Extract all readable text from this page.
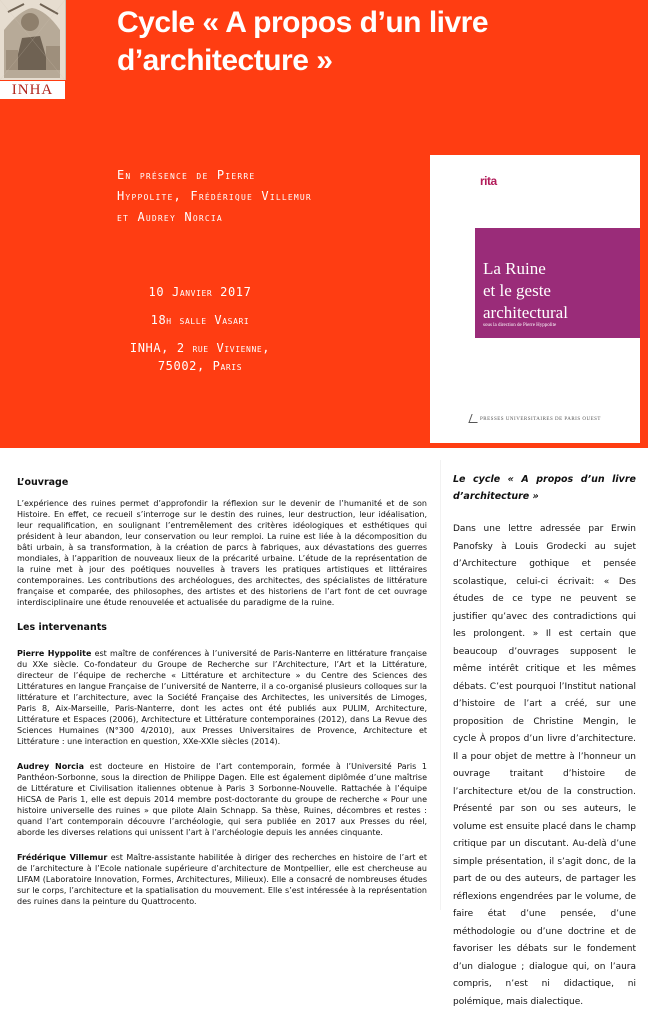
INHA
Cycle « A propos d’un livre d’architecture »
En présence de Pierre Hyppolite, Frédérique Villemur et Audrey Norcia
10 Janvier 2017
18h salle Vasari
INHA, 2 rue Vivienne, 75002, Paris
rita
La Ruine
et le geste
architectural
sous la direction de Pierre Hyppolite
PRESSES UNIVERSITAIRES DE PARIS OUEST
L’ouvrage

L’expérience des ruines permet d’approfondir la réflexion sur le devenir de l’humanité et de son Histoire. En effet, ce recueil s’interroge sur le destin des ruines, leur destruction, leur idéalisation, leur requalification, en soulignant l’entremêlement des critères idéologiques et esthétiques qui président à leur abandon, leur conservation ou leur remploi. La ruine est liée à la décomposition du bâti urbain, à sa transformation, à la création de parcs à fabriques, aux dévastations des guerres mondiales, à l’apparition de nouveaux lieux de la précarité urbaine. L’étude de la représentation de la ruine met à jour des poétiques nouvelles à travers les pratiques artistiques et littéraires contemporaines. Les contributions des archéologues, des architectes, des spécialistes de littérature française et comparée, des philosophes, des artistes et des historiens de l’art font de cet ouvrage interdisciplinaire une étude renouvelée et actualisée du paradigme de la ruine.

Les intervenants

Pierre Hyppolite est maître de conférences à l’université de Paris-Nanterre en littérature française du XXe siècle. Co-fondateur du Groupe de Recherche sur l’Architecture, l’Art et la Littérature, directeur de l’équipe de recherche « Littérature et architecture » du Centre des Sciences des Littératures en langue Française de l’université de Nanterre, il a co-organisé plusieurs colloques sur la littérature et l’architecture, avec la Société Française des Architectes, les universités de Limoges, Paris 8, Aix-Marseille, Paris-Nanterre, dont les actes ont été publiés aux PULIM, Architecture, Littérature et Espaces (2006), Architecture et Littérature contemporaines (2012), dans La Revue des Sciences Humaines (N°300 4/2010), aux Presses Universitaires de Provence, Architecture et Littérature : une interaction en question, XXe-XXIe siècles (2014).

Audrey Norcia est docteure en Histoire de l’art contemporain, formée à l’Université Paris 1 Panthéon-Sorbonne, sous la direction de Philippe Dagen. Elle est également diplômée d’une maîtrise de Littérature et Civilisation italiennes obtenue à Paris 3 Sorbonne-Nouvelle. Rattachée à l’équipe HiCSA de Paris 1, elle est depuis 2014 membre post-doctorante du groupe de recherche « Pour une histoire universelle des ruines » que pilote Alain Schnapp. Sa thèse, Ruines, décombres et restes : quand l’art contemporain découvre l’archéologie, qui sera publiée en 2017 aux Presses du réel, aborde les diverses relations qui unissent l’art à l’archéologie depuis les années cinquante.

Frédérique Villemur est Maître-assistante habilitée à diriger des recherches en histoire de l’art et de l’architecture à l’Ecole nationale supérieure d’architecture de Montpellier, elle est chercheuse au LIFAM (Laboratoire Innovation, Formes, Architectures, Milieux). Elle a consacré de nombreuses études sur le corps, l’architecture et la spatialisation du mouvement. Elle s’est intéressée à la représentation des ruines dans la peinture du Quattrocento.

Le cycle « A propos d’un livre d’architecture »

Dans une lettre adressée par Erwin Panofsky à Louis Grodecki au sujet d’Architecture gothique et pensée scolastique, celui-ci écrivait: « Des études de ce type ne peuvent se justifier qu’avec des contradictions qui les prolongent. » Il est certain que beaucoup d’ouvrages supposent le même intérêt critique et les mêmes débats. C’est pourquoi l’Institut national d’histoire de l’art a créé, sur une proposition de Christine Mengin, le cycle À propos d’un livre d’architecture. Il a pour objet de mettre à l’honneur un ouvrage traitant d’histoire de l’architecture et/ou de la construction. Présenté par son ou ses auteurs, le volume est ensuite placé dans le champ critique par un discutant. Au-delà d’une simple présentation, il s’agit donc, de la part de ou des auteurs, de partager les réflexions engendrées par le volume, de faire état d’une pensée, d’une méthodologie ou d’une doctrine et de favoriser les débats sur le fondement d’un dialogue ; dialogue qui, on l’aura compris, n’est ni didactique, ni polémique, mais dialectique.
